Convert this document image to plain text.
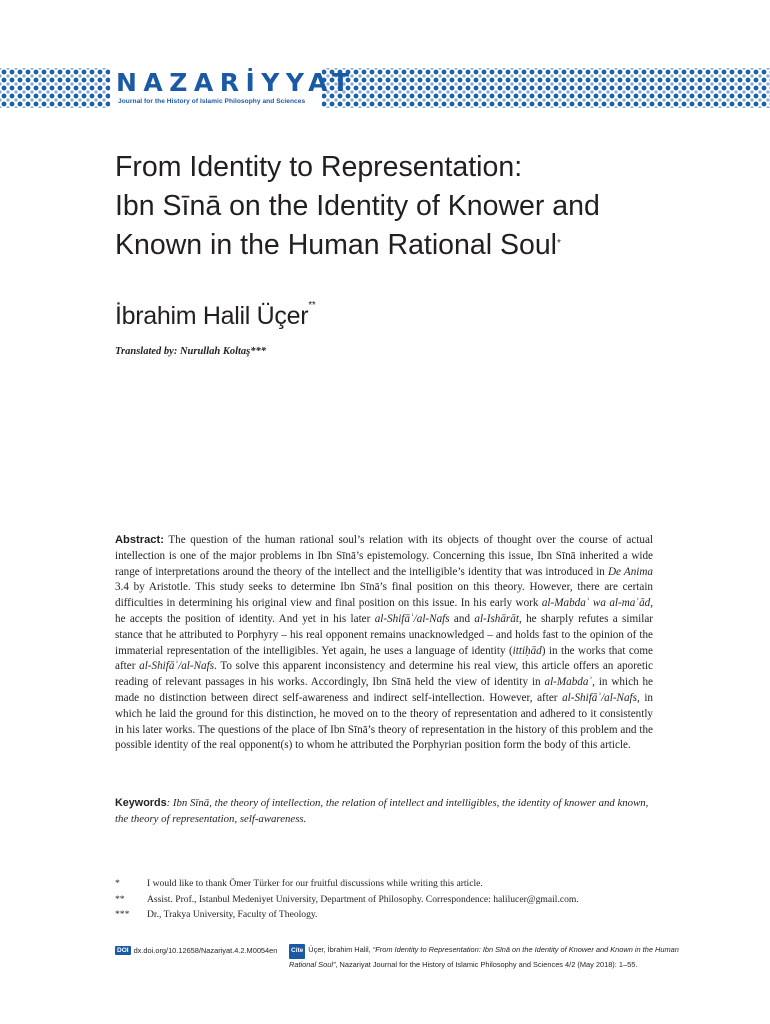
NAZARİYYAT
Journal for the History of Islamic Philosophy and Sciences
From Identity to Representation:
Ibn Sīnā on the Identity of Knower and
Known in the Human Rational Soul*
İbrahim Halil Üçer**
Translated by: Nurullah Koltaş***
Abstract: The question of the human rational soul’s relation with its objects of thought over the course of actual intellection is one of the major problems in Ibn Sīnā’s epistemology. Concerning this issue, Ibn Sīnā inherited a wide range of interpretations around the theory of the intellect and the intelligible’s identity that was introduced in De Anima 3.4 by Aristotle. This study seeks to determine Ibn Sīnā’s final position on this theory. However, there are certain difficulties in determining his original view and final position on this issue. In his early work al-Mabdaʾ wa al-maʿād, he accepts the position of identity. And yet in his later al-Shifāʾ/al-Nafs and al-Ishārāt, he sharply refutes a similar stance that he attributed to Porphyry – his real opponent remains unacknowledged – and holds fast to the opinion of the immaterial representation of the intelligibles. Yet again, he uses a language of identity (ittiḥād) in the works that come after al-Shifāʾ/al-Nafs. To solve this apparent inconsistency and determine his real view, this article offers an aporetic reading of relevant passages in his works. Accordingly, Ibn Sīnā held the view of identity in al-Mabdaʾ, in which he made no distinction between direct self-awareness and indirect self-intellection. However, after al-Shifāʾ/al-Nafs, in which he laid the ground for this distinction, he moved on to the theory of representation and adhered to it consistently in his later works. The questions of the place of Ibn Sīnā’s theory of representation in the history of this problem and the possible identity of the real opponent(s) to whom he attributed the Porphyrian position form the body of this article.
Keywords: Ibn Sīnā, the theory of intellection, the relation of intellect and intelligibles, the identity of knower and known, the theory of representation, self-awareness.
*	I would like to thank Ömer Türker for our fruitful discussions while writing this article.
**	Assist. Prof., Istanbul Medeniyet University, Department of Philosophy. Correspondence: halilucer@gmail.com.
***	Dr., Trakya University, Faculty of Theology.
DOI dx.doi.org/10.12658/Nazariyat.4.2.M0054en	Cite Üçer, İbrahim Halil, “From Identity to Representation: Ibn Sīnā on the Identity of Knower and Known in the Human Rational Soul”, Nazariyat Journal for the History of Islamic Philosophy and Sciences 4/2 (May 2018): 1–55.
